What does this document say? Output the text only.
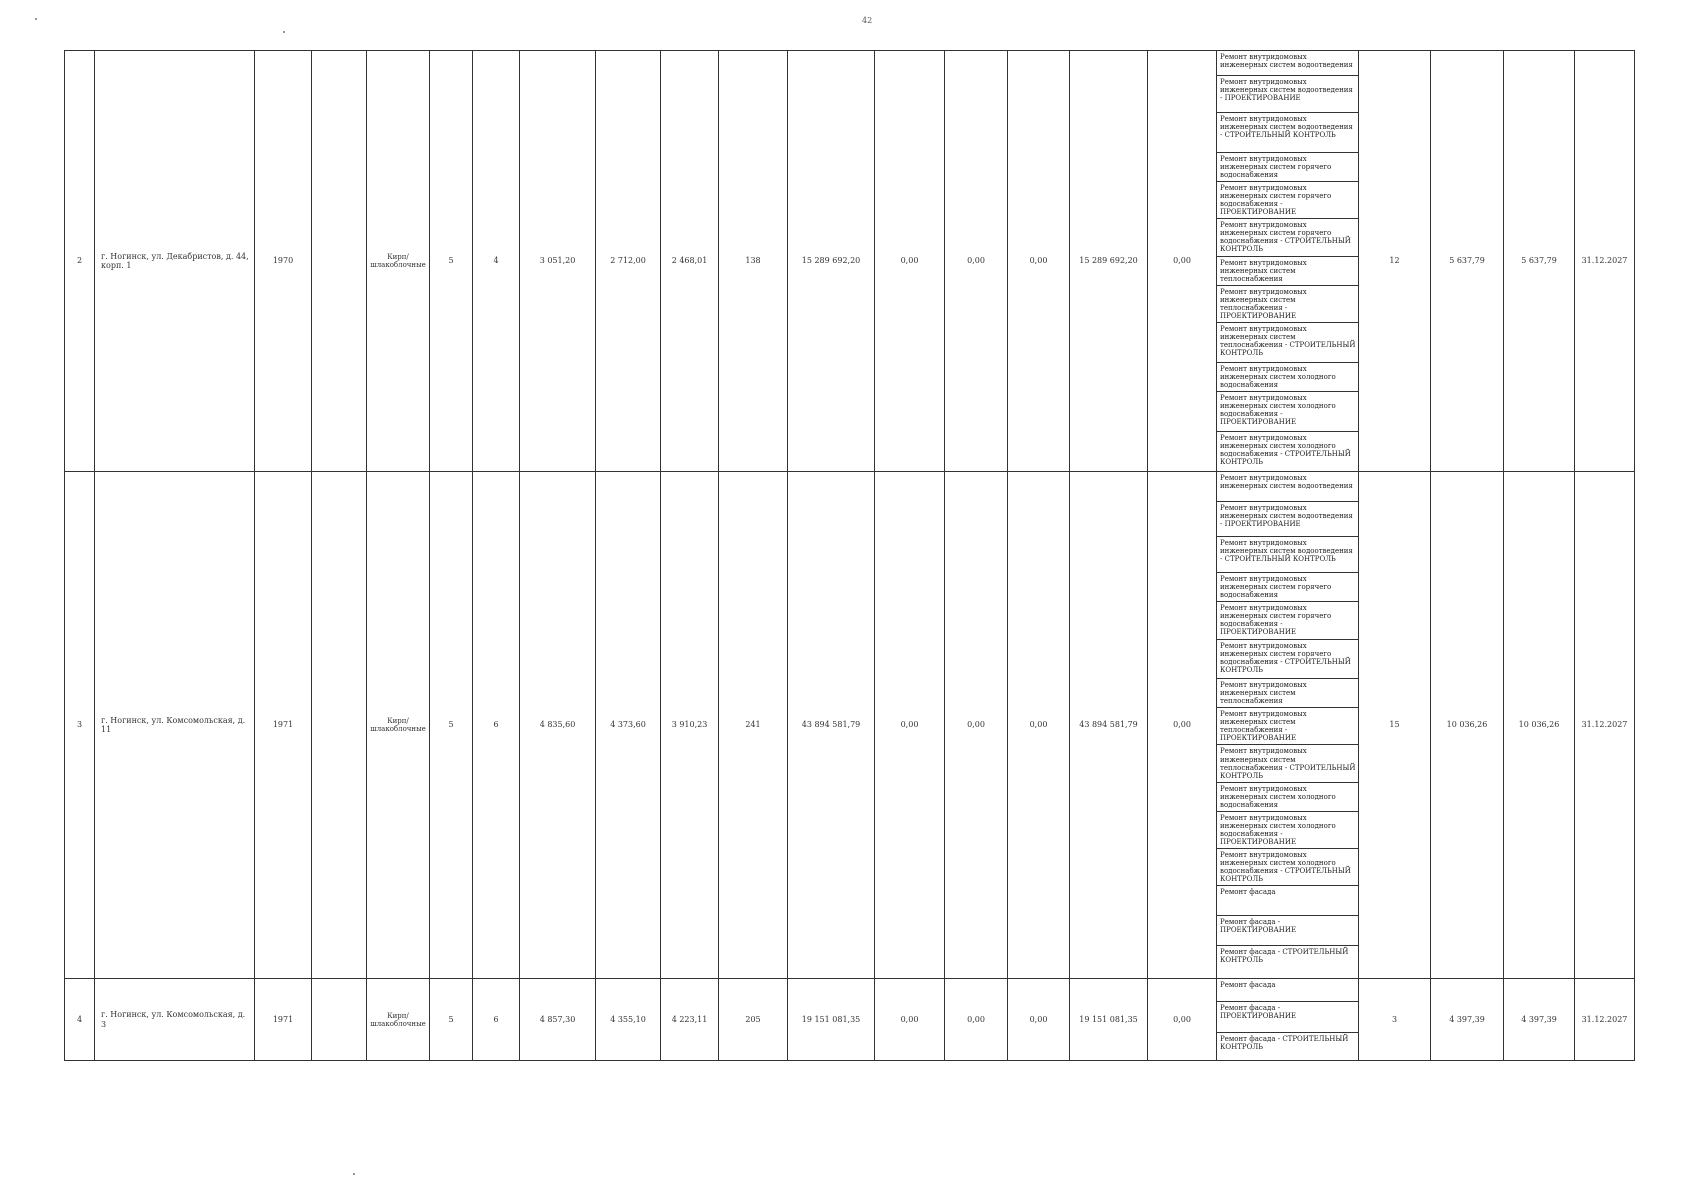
42
2	г. Ногинск, ул. Декабристов, д. 44, корп. 1	1970		Кирп/ шлакоблочные	5	4	3 051,20	2 712,00	2 468,01	138	15 289 692,20	0,00	0,00	0,00	15 289 692,20	0,00	Ремонт внутридомовых инженерных систем водоотведения	12	5 637,79	5 637,79	31.12.2027
																	Ремонт внутридомовых инженерных систем водоотведения - ПРОЕКТИРОВАНИЕ				
																	Ремонт внутридомовых инженерных систем водоотведения - СТРОИТЕЛЬНЫЙ КОНТРОЛЬ				
																	Ремонт внутридомовых инженерных систем горячего водоснабжения				
																	Ремонт внутридомовых инженерных систем горячего водоснабжения - ПРОЕКТИРОВАНИЕ				
																	Ремонт внутридомовых инженерных систем горячего водоснабжения - СТРОИТЕЛЬНЫЙ КОНТРОЛЬ				
																	Ремонт внутридомовых инженерных систем теплоснабжения				
																	Ремонт внутридомовых инженерных систем теплоснабжения - ПРОЕКТИРОВАНИЕ				
																	Ремонт внутридомовых инженерных систем теплоснабжения - СТРОИТЕЛЬНЫЙ КОНТРОЛЬ				
																	Ремонт внутридомовых инженерных систем холодного водоснабжения				
																	Ремонт внутридомовых инженерных систем холодного водоснабжения - ПРОЕКТИРОВАНИЕ				
																	Ремонт внутридомовых инженерных систем холодного водоснабжения - СТРОИТЕЛЬНЫЙ КОНТРОЛЬ				
3	г. Ногинск, ул. Комсомольская, д. 11	1971		Кирп/ шлакоблочные	5	6	4 835,60	4 373,60	3 910,23	241	43 894 581,79	0,00	0,00	0,00	43 894 581,79	0,00	Ремонт внутридомовых инженерных систем водоотведения	15	10 036,26	10 036,26	31.12.2027
																	Ремонт внутридомовых инженерных систем водоотведения - ПРОЕКТИРОВАНИЕ				
																	Ремонт внутридомовых инженерных систем водоотведения - СТРОИТЕЛЬНЫЙ КОНТРОЛЬ				
																	Ремонт внутридомовых инженерных систем горячего водоснабжения				
																	Ремонт внутридомовых инженерных систем горячего водоснабжения - ПРОЕКТИРОВАНИЕ				
																	Ремонт внутридомовых инженерных систем горячего водоснабжения - СТРОИТЕЛЬНЫЙ КОНТРОЛЬ				
																	Ремонт внутридомовых инженерных систем теплоснабжения				
																	Ремонт внутридомовых инженерных систем теплоснабжения - ПРОЕКТИРОВАНИЕ				
																	Ремонт внутридомовых инженерных систем теплоснабжения - СТРОИТЕЛЬНЫЙ КОНТРОЛЬ				
																	Ремонт внутридомовых инженерных систем холодного водоснабжения				
																	Ремонт внутридомовых инженерных систем холодного водоснабжения - ПРОЕКТИРОВАНИЕ				
																	Ремонт внутридомовых инженерных систем холодного водоснабжения - СТРОИТЕЛЬНЫЙ КОНТРОЛЬ				
																	Ремонт фасада				
																	Ремонт фасада - ПРОЕКТИРОВАНИЕ				
																	Ремонт фасада - СТРОИТЕЛЬНЫЙ КОНТРОЛЬ				
4	г. Ногинск, ул. Комсомольская, д. 3	1971		Кирп/ шлакоблочные	5	6	4 857,30	4 355,10	4 223,11	205	19 151 081,35	0,00	0,00	0,00	19 151 081,35	0,00	Ремонт фасада	3	4 397,39	4 397,39	31.12.2027
																	Ремонт фасада - ПРОЕКТИРОВАНИЕ				
																	Ремонт фасада - СТРОИТЕЛЬНЫЙ КОНТРОЛЬ				
